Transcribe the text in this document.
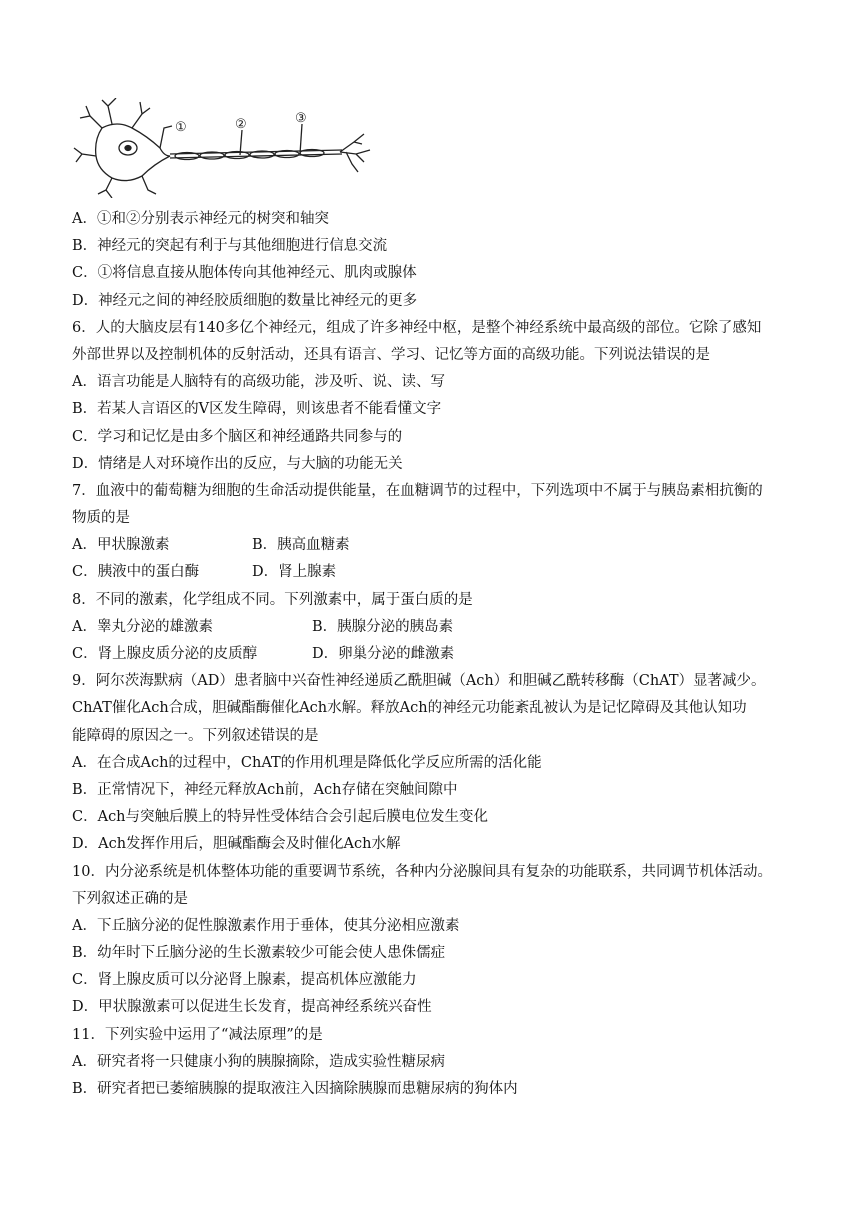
①	②	③
A．①和②分别表示神经元的树突和轴突
B．神经元的突起有利于与其他细胞进行信息交流
C．①将信息直接从胞体传向其他神经元、肌肉或腺体
D．神经元之间的神经胶质细胞的数量比神经元的更多
6．人的大脑皮层有140多亿个神经元，组成了许多神经中枢，是整个神经系统中最高级的部位。它除了感知
外部世界以及控制机体的反射活动，还具有语言、学习、记忆等方面的高级功能。下列说法错误的是
A．语言功能是人脑特有的高级功能，涉及听、说、读、写
B．若某人言语区的V区发生障碍，则该患者不能看懂文字
C．学习和记忆是由多个脑区和神经通路共同参与的
D．情绪是人对环境作出的反应，与大脑的功能无关
7．血液中的葡萄糖为细胞的生命活动提供能量，在血糖调节的过程中，下列选项中不属于与胰岛素相抗衡的
物质的是
A．甲状腺激素	B．胰高血糖素
C．胰液中的蛋白酶	D．肾上腺素
8．不同的激素，化学组成不同。下列激素中，属于蛋白质的是
A．睾丸分泌的雄激素	B．胰腺分泌的胰岛素
C．肾上腺皮质分泌的皮质醇	D．卵巢分泌的雌激素
9．阿尔茨海默病（AD）患者脑中兴奋性神经递质乙酰胆碱（Ach）和胆碱乙酰转移酶（ChAT）显著减少。
ChAT催化Ach合成，胆碱酯酶催化Ach水解。释放Ach的神经元功能紊乱被认为是记忆障碍及其他认知功
能障碍的原因之一。下列叙述错误的是
A．在合成Ach的过程中，ChAT的作用机理是降低化学反应所需的活化能
B．正常情况下，神经元释放Ach前，Ach存储在突触间隙中
C．Ach与突触后膜上的特异性受体结合会引起后膜电位发生变化
D．Ach发挥作用后，胆碱酯酶会及时催化Ach水解
10．内分泌系统是机体整体功能的重要调节系统，各种内分泌腺间具有复杂的功能联系，共同调节机体活动。
下列叙述正确的是
A．下丘脑分泌的促性腺激素作用于垂体，使其分泌相应激素
B．幼年时下丘脑分泌的生长激素较少可能会使人患侏儒症
C．肾上腺皮质可以分泌肾上腺素，提高机体应激能力
D．甲状腺激素可以促进生长发育，提高神经系统兴奋性
11．下列实验中运用了“减法原理”的是
A．研究者将一只健康小狗的胰腺摘除，造成实验性糖尿病
B．研究者把已萎缩胰腺的提取液注入因摘除胰腺而患糖尿病的狗体内
